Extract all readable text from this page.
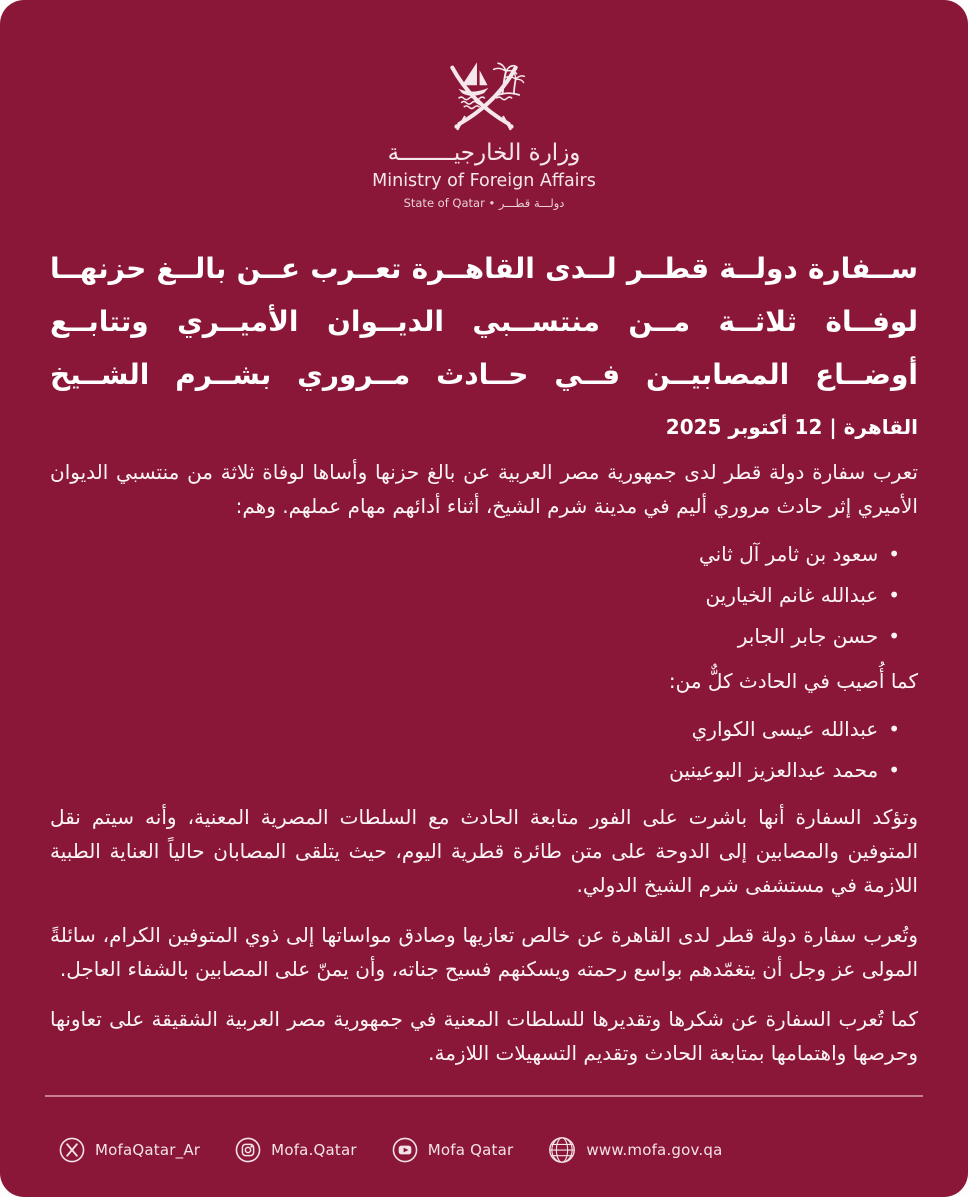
وزارة الخارجيــــــــة
Ministry of Foreign Affairs
State of Qatar • دولـــة قطـــر
ســفارة دولــة قطــر لــدى القاهــرة تعــرب عــن بالــغ حزنهــا
لوفــاة ثلاثــة مــن منتســبي الديــوان الأميــري وتتابــع
أوضــاع المصابيــن فــي حــادث مــروري بشــرم الشــيخ
القاهرة | 12 أكتوبر 2025

تعرب سفارة دولة قطر لدى جمهورية مصر العربية عن بالغ حزنها وأساها لوفاة ثلاثة من منتسبي الديوان الأميري إثر حادث مروري أليم في مدينة شرم الشيخ، أثناء أدائهم مهام عملهم. وهم:

• سعود بن ثامر آل ثاني
• عبدالله غانم الخيارين
• حسن جابر الجابر

كما أُصيب في الحادث كلٌّ من:

• عبدالله عيسى الكواري
• محمد عبدالعزيز البوعينين

وتؤكد السفارة أنها باشرت على الفور متابعة الحادث مع السلطات المصرية المعنية، وأنه سيتم نقل المتوفين والمصابين إلى الدوحة على متن طائرة قطرية اليوم، حيث يتلقى المصابان حالياً العناية الطبية اللازمة في مستشفى شرم الشيخ الدولي.

وتُعرب سفارة دولة قطر لدى القاهرة عن خالص تعازيها وصادق مواساتها إلى ذوي المتوفين الكرام، سائلةً المولى عز وجل أن يتغمّدهم بواسع رحمته ويسكنهم فسيح جناته، وأن يمنّ على المصابين بالشفاء العاجل.

كما تُعرب السفارة عن شكرها وتقديرها للسلطات المعنية في جمهورية مصر العربية الشقيقة على تعاونها وحرصها واهتمامها بمتابعة الحادث وتقديم التسهيلات اللازمة.

MofaQatar_Ar	Mofa.Qatar	Mofa Qatar	www.mofa.gov.qa
